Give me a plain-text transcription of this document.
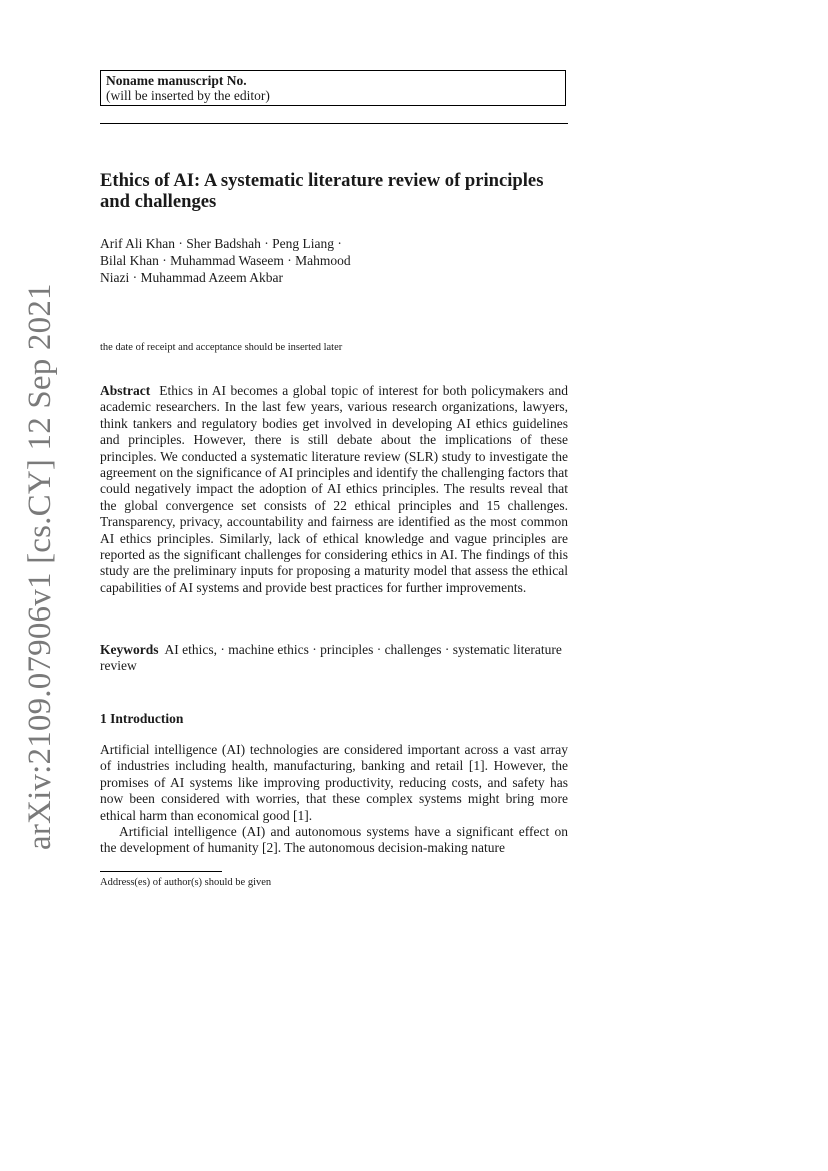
arXiv:2109.07906v1 [cs.CY] 12 Sep 2021
Noname manuscript No.
(will be inserted by the editor)
Ethics of AI: A systematic literature review of principles and challenges
Arif Ali Khan · Sher Badshah · Peng Liang ·
Bilal Khan · Muhammad Waseem · Mahmood
Niazi · Muhammad Azeem Akbar
the date of receipt and acceptance should be inserted later
Abstract Ethics in AI becomes a global topic of interest for both policymakers and academic researchers. In the last few years, various research organizations, lawyers, think tankers and regulatory bodies get involved in developing AI ethics guidelines and principles. However, there is still debate about the implications of these principles. We conducted a systematic literature review (SLR) study to investigate the agreement on the significance of AI principles and identify the challenging factors that could negatively impact the adoption of AI ethics principles. The results reveal that the global convergence set consists of 22 ethical principles and 15 challenges. Transparency, privacy, accountability and fairness are identified as the most common AI ethics principles. Similarly, lack of ethical knowledge and vague principles are reported as the significant challenges for considering ethics in AI. The findings of this study are the preliminary inputs for proposing a maturity model that assess the ethical capabilities of AI systems and provide best practices for further improvements.
Keywords AI ethics, · machine ethics · principles · challenges · systematic literature review
1 Introduction

Artificial intelligence (AI) technologies are considered important across a vast array of industries including health, manufacturing, banking and retail [1]. However, the promises of AI systems like improving productivity, reducing costs, and safety has now been considered with worries, that these complex systems might bring more ethical harm than economical good [1].

Artificial intelligence (AI) and autonomous systems have a significant effect on the development of humanity [2]. The autonomous decision-making nature

Address(es) of author(s) should be given
